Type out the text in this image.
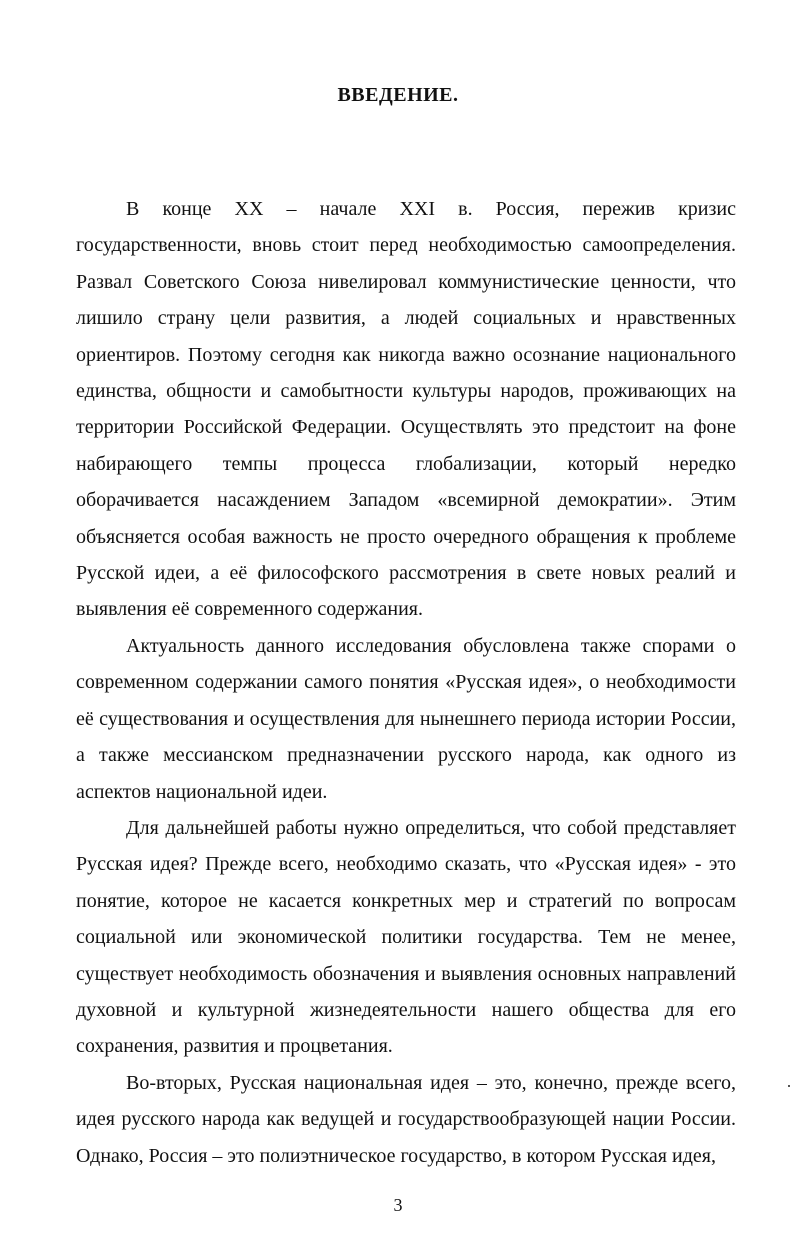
ВВЕДЕНИЕ.

В конце XX – начале XXI в. Россия, пережив кризис государственности, вновь стоит перед необходимостью самоопределения. Развал Советского Союза нивелировал коммунистические ценности, что лишило страну цели развития, а людей социальных и нравственных ориентиров. Поэтому сегодня как никогда важно осознание национального единства, общности и самобытности культуры народов, проживающих на территории Российской Федерации. Осуществлять это предстоит на фоне набирающего темпы процесса глобализации, который нередко оборачивается насаждением Западом «всемирной демократии». Этим объясняется особая важность не просто очередного обращения к проблеме Русской идеи, а её философского рассмотрения в свете новых реалий и выявления её современного содержания.

Актуальность данного исследования обусловлена также спорами о современном содержании самого понятия «Русская идея», о необходимости её существования и осуществления для нынешнего периода истории России, а также мессианском предназначении русского народа, как одного из аспектов национальной идеи.

Для дальнейшей работы нужно определиться, что собой представляет Русская идея? Прежде всего, необходимо сказать, что «Русская идея» - это понятие, которое не касается конкретных мер и стратегий по вопросам социальной или экономической политики государства. Тем не менее, существует необходимость обозначения и выявления основных направлений духовной и культурной жизнедеятельности нашего общества для его сохранения, развития и процветания.

Во-вторых, Русская национальная идея – это, конечно, прежде всего, идея русского народа как ведущей и государствообразующей нации России. Однако, Россия – это полиэтническое государство, в котором Русская идея,

3
